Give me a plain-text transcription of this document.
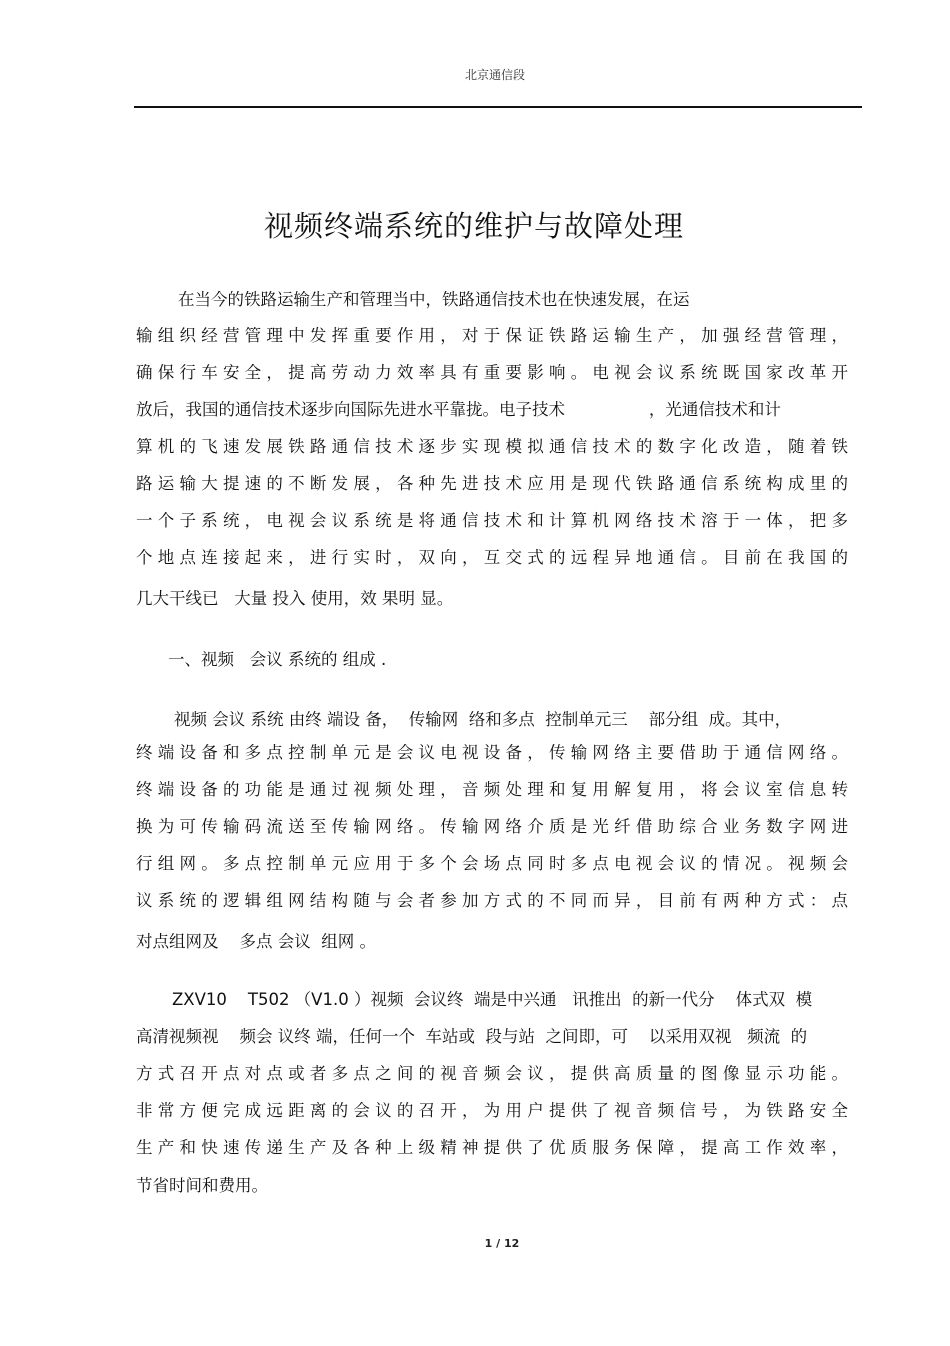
北京通信段
视频终端系统的维护与故障处理
在当今的铁路运输生产和管理当中，铁路通信技术也在快速发展，在运
输组织经营管理中发挥重要作用，对于保证铁路运输生产，加强经营管理，
确保行车安全，提高劳动力效率具有重要影响。电视会议系统既国家改革开
放后，我国的通信技术逐步向国际先进水平靠拢。电子技术                ，光通信技术和计
算机的飞速发展铁路通信技术逐步实现模拟通信技术的数字化改造，随着铁
路运输大提速的不断发展，各种先进技术应用是现代铁路通信系统构成里的
一个子系统，电视会议系统是将通信技术和计算机网络技术溶于一体，把多
个地点连接起来，进行实时，双向，互交式的远程异地通信。目前在我国的
几大干线已   大量 投入 使用，效 果明 显。
一、视频   会议 系统的 组成 .
视频 会议 系统 由终 端设 备，  传输网  络和多点  控制单元三    部分组  成。其中，
终端设备和多点控制单元是会议电视设备，传输网络主要借助于通信网络。
终端设备的功能是通过视频处理，音频处理和复用解复用，将会议室信息转
换为可传输码流送至传输网络。传输网络介质是光纤借助综合业务数字网进
行组网。多点控制单元应用于多个会场点同时多点电视会议的情况。视频会
议系统的逻辑组网结构随与会者参加方式的不同而异，目前有两种方式：点
对点组网及    多点 会议  组网 。
ZXV10    T502 （V1.0 ）视频  会议终  端是中兴通   讯推出  的新一代分    体式双  模
高清视频视    频会 议终 端，任何一个  车站或  段与站  之间即，可    以采用双视   频流  的
方式召开点对点或者多点之间的视音频会议，提供高质量的图像显示功能。
非常方便完成远距离的会议的召开，为用户提供了视音频信号，为铁路安全
生产和快速传递生产及各种上级精神提供了优质服务保障，提高工作效率，
节省时间和费用。
1 / 12
